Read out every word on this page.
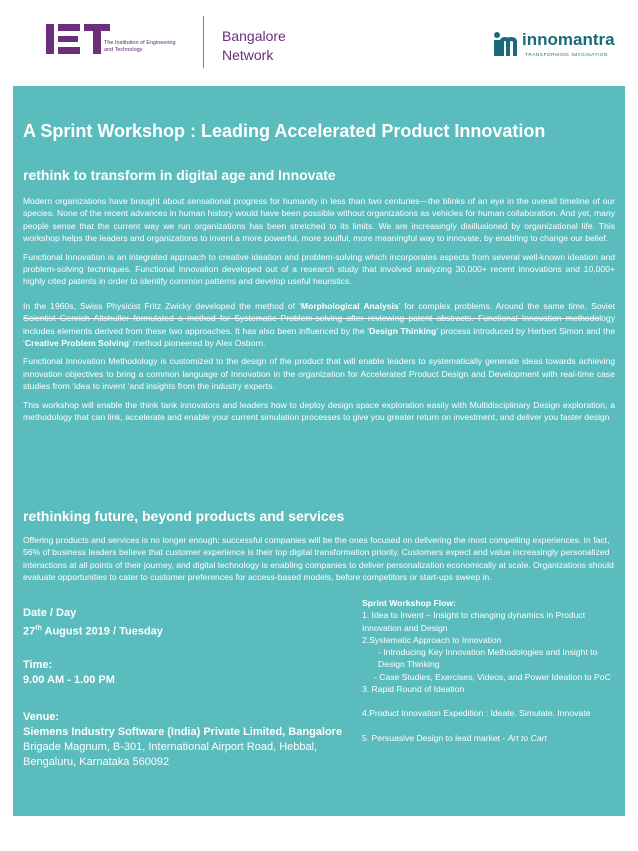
The Institution of Engineering and Technology
Bangalore Network
innomantra
TRANSFORMING IMAGINATION
A Sprint Workshop : Leading Accelerated Product Innovation
rethink to transform in digital age and Innovate

Modern organizations have brought about sensational progress for humanity in less than two centuries—the blinks of an eye in the overall timeline of our species. None of the recent advances in human history would have been possible without organizations as vehicles for human collaboration. And yet, many people sense that the current way we run organizations has been stretched to its limits. We are increasingly disillusioned by organizational life. This workshop helps the leaders and organizations to invent a more powerful, more soulful, more meaningful way to innovate, by enabling to change our belief.

Functional Innovation is an integrated approach to creative ideation and problem-solving which incorporates aspects from several well-known ideation and problem-solving techniques. Functional Innovation developed out of a research study that involved analyzing 30,000+ recent innovations and 10,000+ highly cited patents in order to identify common patterns and develop useful heuristics.

In the 1960s, Swiss Physicist Fritz Zwicky developed the method of ‘Morphological Analysis’ for complex problems. Around the same time, Soviet Scientist Genrich Altshuller formulated a method for Systematic Problem-solving after reviewing patent abstracts. Functional Innovation methodology includes elements derived from these two approaches. It has also been influenced by the ‘Design Thinking’ process introduced by Herbert Simon and the ‘Creative Problem Solving’ method pioneered by Alex Osborn.

Functional Innovation Methodology is customized to the design of the product that will enable leaders to systematically generate ideas towards achieving innovation objectives to bring a common language of Innovation in the organization for Accelerated Product Design and Development with real-time case studies from ‘idea to invent ‘and insights from the industry experts.

This workshop will enable the think tank innovators and leaders how to deploy design space exploration easily with Multidisciplinary Design exploration, a methodology that can link, accelerate and enable your current simulation processes to give you greater return on investment, and deliver you faster design

rethinking future, beyond products and services

Offering products and services is no longer enough: successful companies will be the ones focused on delivering the most compelling experiences. In fact, 56% of business leaders believe that customer experience is their top digital transformation priority. Customers expect and value increasingly personalized interactions at all points of their journey, and digital technology is enabling companies to deliver personalization economically at scale. Organizations should evaluate opportunities to cater to customer preferences for access-based models, before competitors or start-ups sweep in.

Date / Day
27th August 2019 / Tuesday
Time:
9.00 AM - 1.00 PM
Venue:
Siemens Industry Software (India) Private Limited, Bangalore
Brigade Magnum, B-301, International Airport Road, Hebbal, Bengaluru, Karnataka 560092
Sprint Workshop Flow:
1. Idea to Invent – Insight to changing dynamics in Product Innovation and Design
2.Systematic Approach to Innovation
- Introducing Key Innovation Methodologies and Insight to Design Thinking
- Case Studies, Exercises, Videos, and Power Ideation to PoC
3. Rapid Round of Ideation
4.Product Innovation Expedition : Ideate. Simulate. Innovate
5. Persuasive Design to lead market - Art to Cart
